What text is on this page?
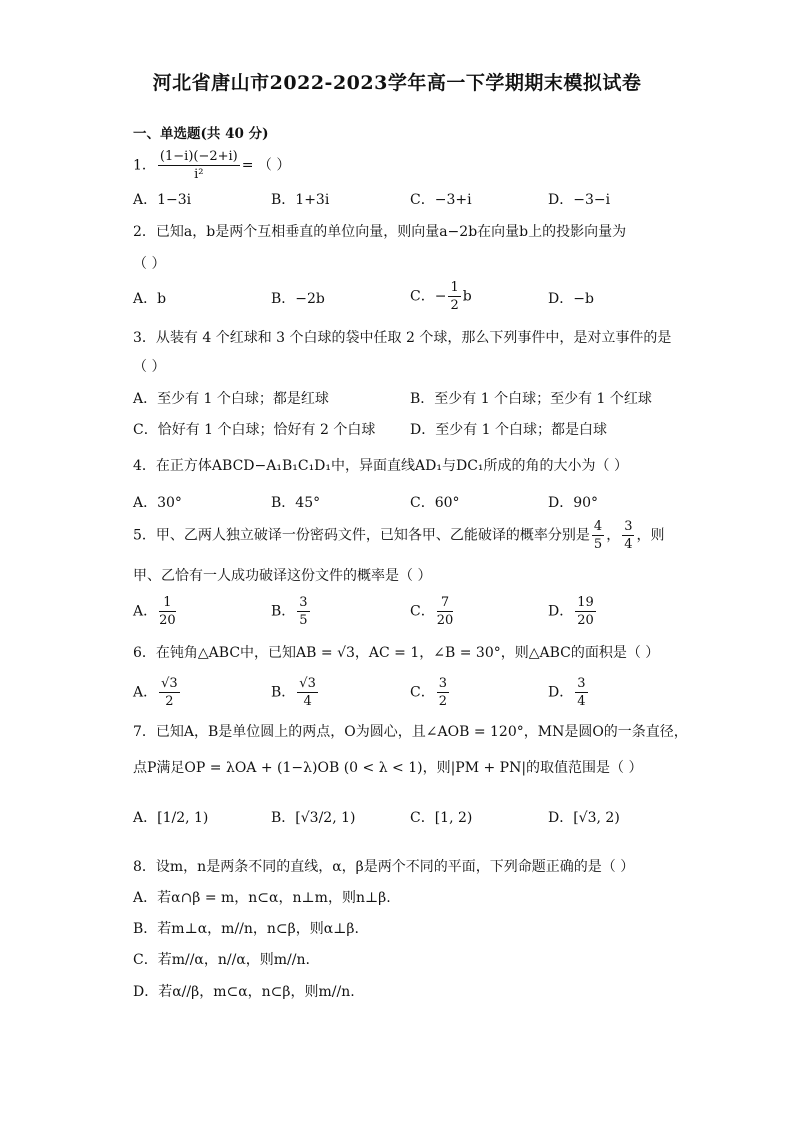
河北省唐山市2022-2023学年高一下学期期末模拟试卷
一、单选题(共 40 分)
1． $\frac{(1-i)(-2+i)}{\text{i²}}$ = （ ）
A．1−3i	B．1+3i	C．−3+i	D．−3−i
2．已知a，b是两个互相垂直的单位向量，则向量a−2b在向量b上的投影向量为
（ ）
A．b	B．−2b	C．− $\frac{1}{2}$ b	D．−b
3．从装有 4 个红球和 3 个白球的袋中任取 2 个球，那么下列事件中，是对立事件的是
（ ）
A．至少有 1 个白球；都是红球	B．至少有 1 个白球；至少有 1 个红球
C．恰好有 1 个白球；恰好有 2 个白球 D．至少有 1 个白球；都是白球
4．在正方体ABCD−A₁B₁C₁D₁中，异面直线AD₁与DC₁所成的角的大小为（ ）
A．30°	B．45°	C．60°	D．90°
5．甲、乙两人独立破译一份密码文件，已知各甲、乙能破译的概率分别是 $\frac{4}{5}$ ， $\frac{3}{4}$ ，则
甲、乙恰有一人成功破译这份文件的概率是（ ）
A． $\frac{1}{20}$	B． $\frac{3}{5}$	C． $\frac{7}{20}$	D． $\frac{19}{20}$
6．在钝角△ABC中，已知AB = √3，AC = 1，∠B = 30°，则△ABC的面积是（ ）
A． $\frac{√3}{2}$	B． $\frac{√3}{4}$	C． $\frac{3}{2}$	D． $\frac{3}{4}$
7．已知A，B是单位圆上的两点，O为圆心，且∠AOB = 120°，MN是圆O的一条直径，
点P满足OP = λOA + (1−λ)OB (0 < λ < 1)，则|PM + PN|的取值范围是（ ）
A．[1/2, 1)	B．[√3/2, 1)	C．[1, 2)	D．[√3, 2)
8．设m，n是两条不同的直线，α，β是两个不同的平面，下列命题正确的是（ ）
A．若α∩β = m，n⊂α，n⊥m，则n⊥β.
B．若m⊥α，m//n，n⊂β，则α⊥β.
C．若m//α，n//α，则m//n.
D．若α//β，m⊂α，n⊂β，则m//n.
